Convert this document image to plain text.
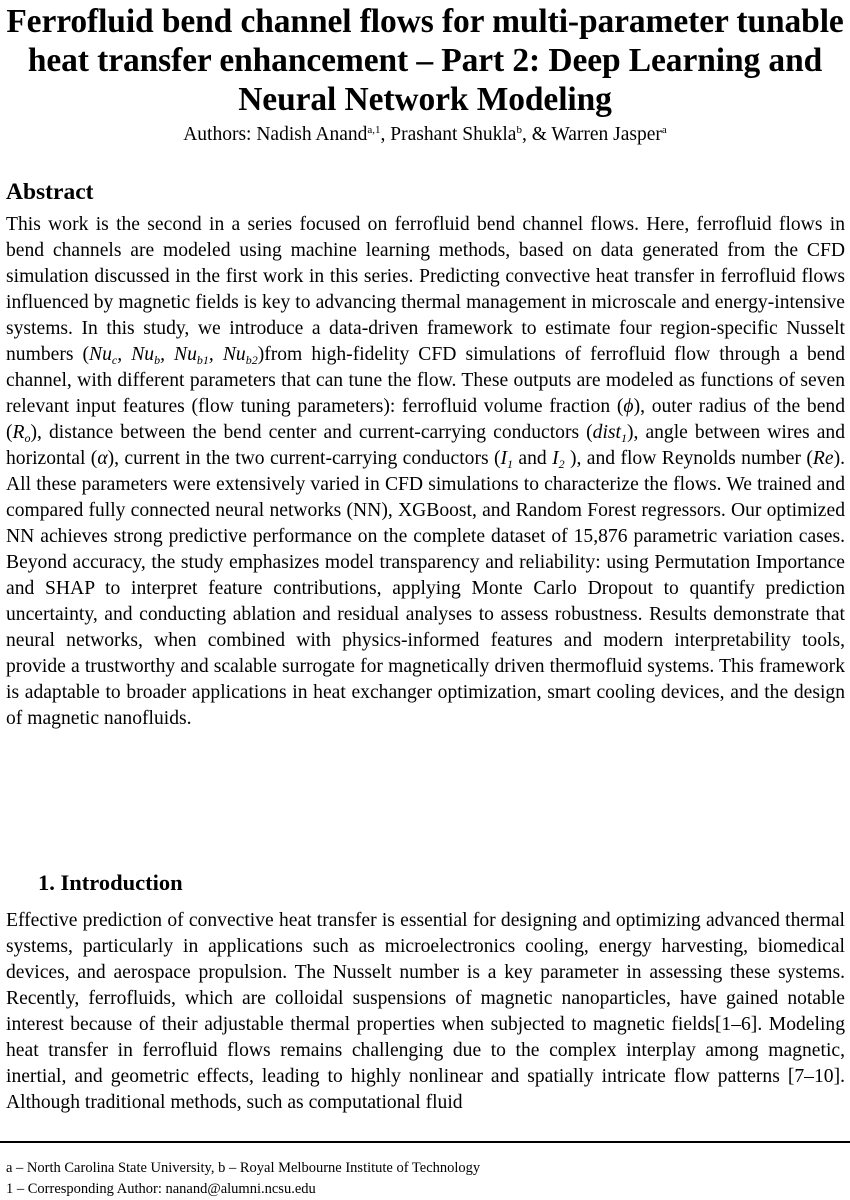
Ferrofluid bend channel flows for multi-parameter tunable heat transfer enhancement – Part 2: Deep Learning and Neural Network Modeling
Authors: Nadish Anand$^{a,1}$, Prashant Shukla$^b$, & Warren Jasper$^a$
Abstract

This work is the second in a series focused on ferrofluid bend channel flows. Here, ferrofluid flows in bend channels are modeled using machine learning methods, based on data generated from the CFD simulation discussed in the first work in this series. Predicting convective heat transfer in ferrofluid flows influenced by magnetic fields is key to advancing thermal management in microscale and energy-intensive systems. In this study, we introduce a data-driven framework to estimate four region-specific Nusselt numbers ($Nu_c$, $Nu_b$, $Nu_{b1}$, $Nu_{b2})from$ high-fidelity CFD simulations of ferrofluid flow through a bend channel, with different parameters that can tune the flow. These outputs are modeled as functions of seven relevant input features (flow tuning parameters): ferrofluid volume fraction (ϕ), outer radius of the bend $(R_o)$, distance between the bend center and current-carrying conductors (dist$_1$), angle between wires and horizontal (α), current in the two current-carrying conductors ($I_1$ and $I_2$ ), and flow Reynolds number (Re). All these parameters were extensively varied in CFD simulations to characterize the flows. We trained and compared fully connected neural networks (NN), XGBoost, and Random Forest regressors. Our optimized NN achieves strong predictive performance on the complete dataset of 15,876 parametric variation cases. Beyond accuracy, the study emphasizes model transparency and reliability: using Permutation Importance and SHAP to interpret feature contributions, applying Monte Carlo Dropout to quantify prediction uncertainty, and conducting ablation and residual analyses to assess robustness. Results demonstrate that neural networks, when combined with physics-informed features and modern interpretability tools, provide a trustworthy and scalable surrogate for magnetically driven thermofluid systems. This framework is adaptable to broader applications in heat exchanger optimization, smart cooling devices, and the design of magnetic nanofluids.

1. Introduction

Effective prediction of convective heat transfer is essential for designing and optimizing advanced thermal systems, particularly in applications such as microelectronics cooling, energy harvesting, biomedical devices, and aerospace propulsion. The Nusselt number is a key parameter in assessing these systems. Recently, ferrofluids, which are colloidal suspensions of magnetic nanoparticles, have gained notable interest because of their adjustable thermal properties when subjected to magnetic fields[1–6]. Modeling heat transfer in ferrofluid flows remains challenging due to the complex interplay among magnetic, inertial, and geometric effects, leading to highly nonlinear and spatially intricate flow patterns [7–10]. Although traditional methods, such as computational fluid

a – North Carolina State University, b – Royal Melbourne Institute of Technology
1 – Corresponding Author: nanand@alumni.ncsu.edu
